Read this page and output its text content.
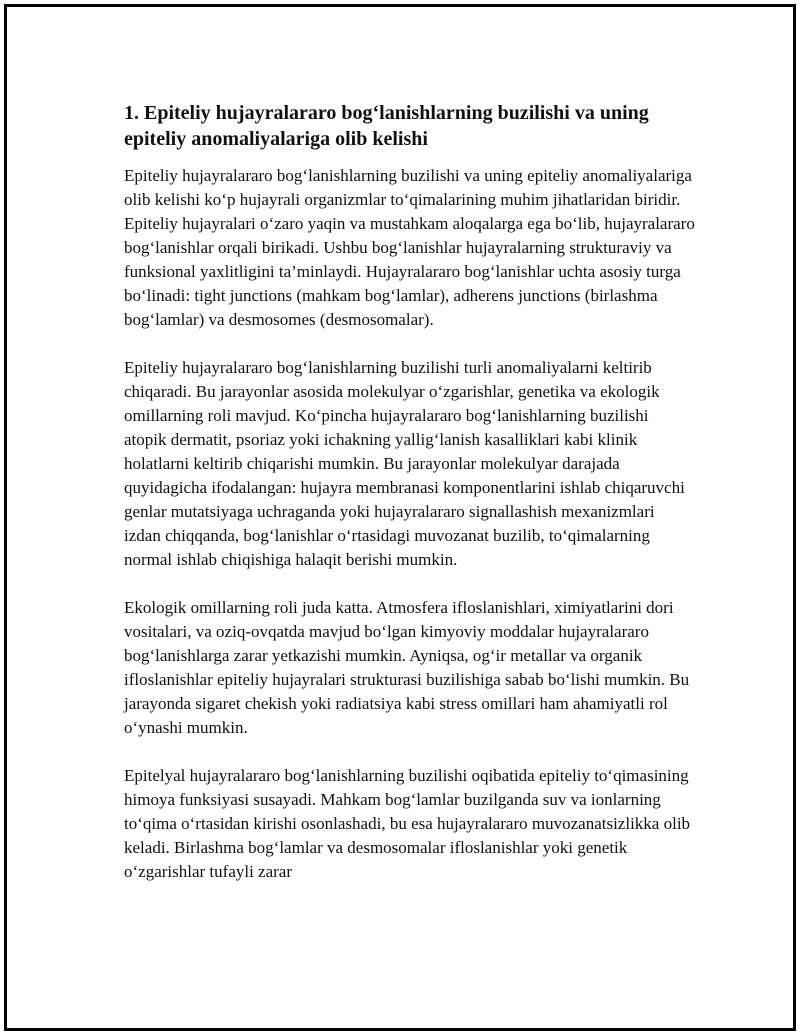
1. Epiteliy hujayralararo bog‘lanishlarning buzilishi va uning epiteliy anomaliyalariga olib kelishi

Epiteliy hujayralararo bog‘lanishlarning buzilishi va uning epiteliy anomaliyalariga olib kelishi ko‘p hujayrali organizmlar to‘qimalarining muhim jihatlaridan biridir. Epiteliy hujayralari o‘zaro yaqin va mustahkam aloqalarga ega bo‘lib, hujayralararo bog‘lanishlar orqali birikadi. Ushbu bog‘lanishlar hujayralarning strukturaviy va funksional yaxlitligini ta’minlaydi. Hujayralararo bog‘lanishlar uchta asosiy turga bo‘linadi: tight junctions (mahkam bog‘lamlar), adherens junctions (birlashma bog‘lamlar) va desmosomes (desmosomalar).

Epiteliy hujayralararo bog‘lanishlarning buzilishi turli anomaliyalarni keltirib chiqaradi. Bu jarayonlar asosida molekulyar o‘zgarishlar, genetika va ekologik omillarning roli mavjud. Ko‘pincha hujayralararo bog‘lanishlarning buzilishi atopik dermatit, psoriaz yoki ichakning yallig‘lanish kasalliklari kabi klinik holatlarni keltirib chiqarishi mumkin. Bu jarayonlar molekulyar darajada quyidagicha ifodalangan: hujayra membranasi komponentlarini ishlab chiqaruvchi genlar mutatsiyaga uchraganda yoki hujayralararo signallashish mexanizmlari izdan chiqqanda, bog‘lanishlar o‘rtasidagi muvozanat buzilib, to‘qimalarning normal ishlab chiqishiga halaqit berishi mumkin.

Ekologik omillarning roli juda katta. Atmosfera ifloslanishlari, ximiyatlarini dori vositalari, va oziq-ovqatda mavjud bo‘lgan kimyoviy moddalar hujayralararo bog‘lanishlarga zarar yetkazishi mumkin. Ayniqsa, og‘ir metallar va organik ifloslanishlar epiteliy hujayralari strukturasi buzilishiga sabab bo‘lishi mumkin. Bu jarayonda sigaret chekish yoki radiatsiya kabi stress omillari ham ahamiyatli rol o‘ynashi mumkin.

Epitelyal hujayralararo bog‘lanishlarning buzilishi oqibatida epiteliy to‘qimasining himoya funksiyasi susayadi. Mahkam bog‘lamlar buzilganda suv va ionlarning to‘qima o‘rtasidan kirishi osonlashadi, bu esa hujayralararo muvozanatsizlikka olib keladi. Birlashma bog‘lamlar va desmosomalar ifloslanishlar yoki genetik o‘zgarishlar tufayli zarar
